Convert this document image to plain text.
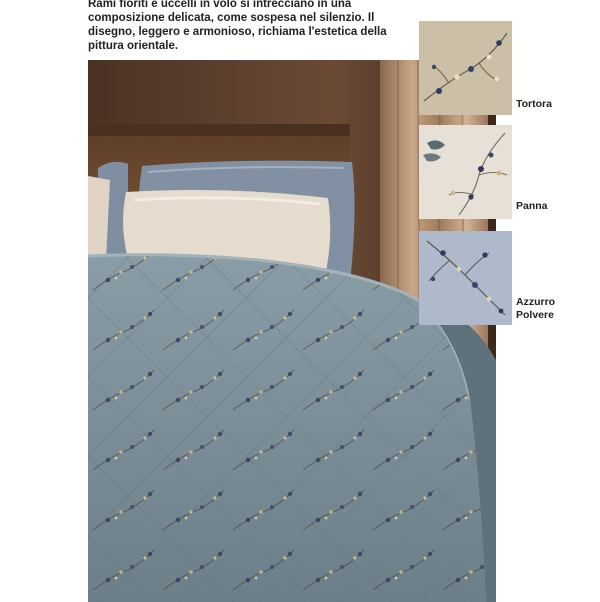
Rami fioriti e uccelli in volo si intrecciano in una composizione delicata, come sospesa nel silenzio. Il disegno, leggero e armonioso, richiama l'estetica della pittura orientale.

Tortora
Panna
Azzurro Polvere
